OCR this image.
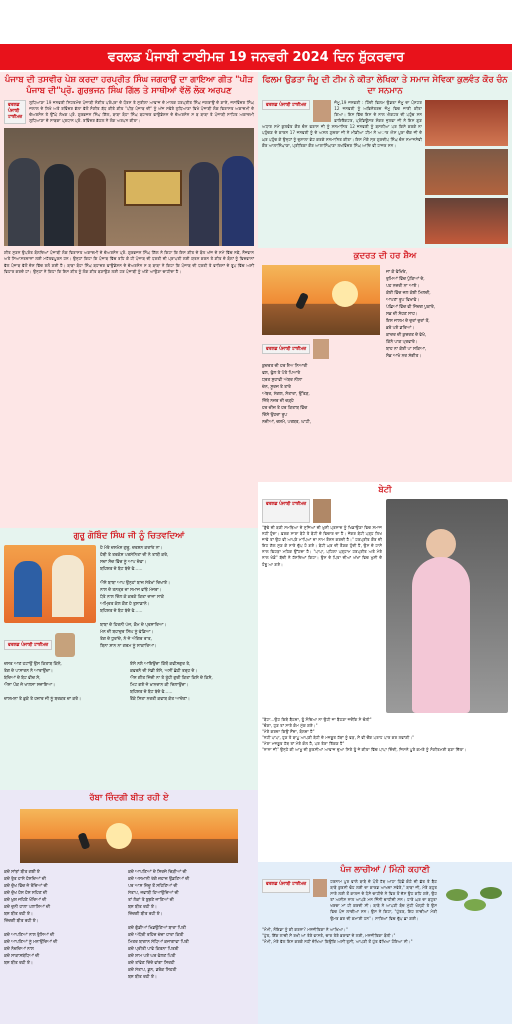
ਵਰਲਡ ਪੰਜਾਬੀ ਟਾਈਮਜ਼ 19 ਜਨਵਰੀ 2024 ਦਿਨ ਸ਼ੁੱਕਰਵਾਰ
ਪੰਜਾਬ ਦੀ ਤਸਵੀਰ ਪੇਸ਼ ਕਰਦਾ ਹਰਪ੍ਰੀਤ ਸਿੰਘ ਜਗਰਾਉਂ ਦਾ ਗਾਇਆ ਗੀਤ "ਪੀੜ ਪੰਜਾਬ ਦੀ"ਪ੍ਰੋ. ਗੁਰਭਜਨ ਸਿੰਘ ਗਿੱਲ ਤੇ ਸਾਥੀਆਂ ਵੱਲੋਂ ਲੋਕ ਅਰਪਣ
ਵਰਲਡ ਪੰਜਾਬੀ ਟਾਈਮਜ਼
ਲੁਧਿਆਣਾ 19 ਜਨਵਰੀ ਸਿਹਤਮੰਦ ਪੰਜਾਬੀ ਸੰਗੀਤ ਪਰੰਪਰਾ ਦੇ ਧੋਰਸ ਤੇ ਸੁਰੀਲਾ ਆਵਾਜ਼ ਦੇ ਮਾਲਕ ਹਰਪ੍ਰੀਤ ਸਿੰਘ ਜਗਰਾਉਂ ਦੇ ਗਾਏ, ਜਸਵਿੰਦਰ ਸਿੰਘ ਜਲਾਲ ਦੇ ਲਿਖੇ ਅਤੇ ਰਵਿੰਦਰ ਭੱਲਾ ਵੱਲੋਂ ਸੰਗੀਤ ਬੱਧ ਕੀਤੇ ਗੀਤ "ਪੀੜ ਪੰਜਾਬ ਦੀ" ਨੂੰ ਅੱਜ ਸਵੇਰੇ ਲੁਧਿਆਣਾ ਵਿਖੇ ਪੰਜਾਬੀ ਲੋਕ ਵਿਰਾਸਤ ਅਕਾਦਮੀ ਦੇ ਚੇਅਰਮੈਨ ਤੇ ਉੱਘੇ ਲੇਖਕ ਪ੍ਰੋ. ਗੁਰਭਜਨ ਸਿੰਘ ਗਿੱਲ, ਬਾਬਾ ਬੋਹਾ ਸਿੰਘ ਬਹਾਦਰ ਫਾਉਂਡੇਸ਼ਨ ਦੇ ਚੇਅਰਮੈਨ ਸ ਬ ਬਾਬਾ ਤੇ ਪੰਜਾਬੀ ਸਾਹਿਤ ਅਕਾਦਮੀ ਲੁਧਿਆਣਾ ਦੇ ਸਾਬਕਾ ਪ੍ਰਧਾਨ ਪ੍ਰੋ. ਰਵਿੰਦਰ ਭੱਠਲ ਨੇ ਲੋਕ ਅਰਪਨ ਕੀਤਾ।
ਗੀਤ ਸੁਣਨ ਉਪਰੰਤ ਬੋਲਦਿਆਂ ਪੰਜਾਬੀ ਲੋਕ ਵਿਰਾਸਤ ਅਕਾਦਮੀ ਦੇ ਚੇਅਰਮੈਨ ਪ੍ਰੋ. ਗੁਰਭਜਨ ਸਿੰਘ ਗਿੱਲ ਨੇ ਕਿਹਾ ਕਿ ਇਸ ਗੀਤ ਦੇ ਬੋਲ ਅੱਜ ਦੇ ਸਮੇਂ ਵਿੱਚ ਨਵੇਂ, ਨੌਜਵਾਨ ਅਤੇ ਸਿਆਸਤਦਾਨਾਂ ਲਈ ਮਹੱਤਵਪੂਰਨ ਹਨ। ਉਨ੍ਹਾਂ ਕਿਹਾ ਕਿ ਪੰਜਾਬ ਵਿੱਚ ਰਹਿ ਕੇ ਹੀ ਪੰਜਾਬ ਦੀ ਧਰਤੀ ਦੀ ਪ੍ਰਾਪਤੀ ਲਈ ਯਤਨ ਕਰਨ ਤੇ ਗੀਤ ਦੇ ਬੋਲਾਂ ਨੂੰ ਵਿਦਵਾਨਾਂ ਵੱਲ ਪੰਜਾਬ ਵੱਲੋਂ ਦੇਸ਼ ਵਿੱਚ ਰਲੋ ਗਈ ਹੈ। ਬਾਬਾ ਬੋਹਾ ਸਿੰਘ ਬਹਾਦਰ ਫਾਉਂਡੇਸ਼ਨ ਦੇ ਚੇਅਰਮੈਨ ਸ ਬ ਬਾਬਾ ਨੇ ਕਿਹਾ ਕਿ ਪੰਜਾਬ ਦੀ ਧਰਤੀ ਤੇ ਵਾਰਿਸਾਂ ਦੇ ਰੂਪ ਵਿੱਚ ਅਸੀਂ ਵਿਹਾਰ ਕਰਦੇ ਹਾਂ। ਉਨ੍ਹਾਂ ਨੇ ਕਿਹਾ ਕਿ ਇਸ ਗੀਤ ਨੂੰ ਲੋਕ ਗੀਤ ਬਣਾਉਣ ਲਈ ਹਰ ਪੰਜਾਬੀ ਨੂੰ ਅੱਗੇ ਆਉਣਾ ਚਾਹੀਦਾ ਹੈ।
ਗੁਰੂ ਗੋਬਿੰਦ ਸਿੰਘ ਜੀ ਨੂੰ ਚਿਤਵਦਿਆਂ
ਵਰਲਡ ਪੰਜਾਬੀ ਟਾਈਮਜ਼
ਹੇ ਮੇਰੇ ਦਸਮੇਸ਼ ਗੁਰੂ, ਦਰਸ਼ਨ ਕਰਾਓ ਨਾ।
ਹੱਥੀ ਤੇ ਤਰਕੋਸ਼ ਪਰਸੰਨਿਤਾ ਦੀ ਨੇ ਤਾਬੀ ਕਰੇ,
ਸਦਾ ਸੱਚ ਵਿੱਚ ਨੂੰ ਆਪ ਦੇਵਾ।
ਬਹਿਸ਼ਤ ਦੇ ਬੋਟ ਬੰਦੇ ਵੇ......

ਐਸੇ ਬਾਬਾ ਆਪ ਉਨ੍ਹਾਂ ਬਾਜ਼ ਸੰਤੋਖਾਂ ਦਿਖਾਏ।
ਨਾਲ ਦੇ ਤਨਤ੍ਰ ਦਾ ਸਮਾਜ ਵਾਂਝੇ ਮੰਜਰਾ।
ਧੋਤੇ ਨਾਲ ਦਿੱਲ ਕੋ ਕਰਕੇ ਕਿਤਾ ਦਾਜਾ ਸਾਕੇ
ਅਮ੍ਰਿਤ ਕੱਲ ਕੌਣ ਹੋ ਤੁਸਾਡਾਨੇ।
ਬਹਿਸ਼ਤ ਦੇ ਬੋਟ ਬੰਦੇ ਵੇ......

ਬਾਬਾ ਦੇ ਹਿਰਨੀ ਪੰਜ, ਕੌਮ ਦੇ ਪ੍ਰਸਾਰਿਆ।
ਮੰਨ ਦੀ ਬਹਾਦੁਰ ਸਿੰਘ ਨੂੰ ਵੰਡਿਆ।
ਤੇਗ ਦੇ ਧੁਰਾਂਦੇ, ਨੇ ਜੋ ਅੱਗਿਰ ਰਾਤ,
ਬਿਨਾ ਸ਼ਾਨ ਨਾ ਗਰਮ ਨੂੰ ਸਾਕਾਰਿਆ।
ਦਸਤ ਆਣ ਹਟਾਉਂ ਉਸ ਕਿਤਾਬ ਕਿੰਨੇ,
ਤੇਗ ਦੇ ਪਾਸਾਰਨ ਨੇ ਆਰਾਉਂਦਾ।
ਬੰਦਿਆਂ ਦੇ ਬੋਟ ਵੀਚ ਸੋ,
ਐਸਾ ਪੋਂਕ ਜੋ ਖਾਲਸਾ ਸਜਾਇਆ।

ਦਾਸ਼ਮਨਾ ਤੇ ਭੁਕੇ ਤੇ ਹਜ਼ਾਰ ਜੀ ਨੂੰ ਬਰਕਤ ਦਾ ਕਰੋ।
ਏਸੋ ਨਲੋ ਆਇਉਂਦਾ ਕਿੱਥੋਂ ਕਵੀਸਗੁਰ ਤੇ,
ਕਵਰਨੇ ਦੀ ਸੰਡੀ ਏਸੇ, ਅਸੀਂ ਛੋਹੀ ਤਰ੍ਹ ਦੇ।
ਐਸ ਗੀਤ ਜਿੰਦੀ ਨਾ ਤੋ ਤੂੰਹੀ ਗੁਰੀ ਕਿਤਾ ਕਿਸੇ ਦੇ ਕਿਸੇ,
ਮਿਟ ਗਏ ਜੋ ਖ਼ਾਨਦਾਨ ਕੀ ਦਿਲਾਉਂਦਾ।
ਬਹਿਸ਼ਤ ਦੇ ਬੋਟ ਬੰਦੇ ਵੇ......
ਤੈਂਕੇ ਸਿਤਾ ਨਰਤੀ ਕਵਾਬ ਕੋਤ ਆਦੇਣਾ।
ਰੱਬਾ ਜ਼ਿੰਦਗੀ ਬੀਤ ਰਹੀ ਏ
ਕਦੇ ਸਾਂਝਾਂ ਬੀਤ ਗਈ ਏ
ਕਦੇ ਰੁੱਤ ਹਾਸੇ ਹੱਸਦਿਆਂ ਦੀ
ਕਦੇ ਦੁੱਖ ਵਿੱਚ ਜੇ ਰੋਂਦਿਆਂ ਦੀ
ਕਦੇ ਦੁੱਖ ਹੱਸ ਹੱਸ ਸਹਿਣ ਦੀ
ਕਦੇ ਖ਼ੁਸ਼ ਜਹਿਣੇ ਖੋਂਦਿਆਂ ਦੀ
ਕਦੇ ਦੁਨੀ ਹਾਲਾ ਪਲਾਸ਼ਿਆਂ ਦੀ
ਬਸ ਬੀਤ ਰਹੀ ਏ।
ਜ਼ਿੰਦਗੀ ਬੀਤ ਰਹੀ ਏ।

ਕਦੇ ਆਪਣਿਆਂ ਨਾਲ ਰੁੱਸਿਆਂ ਦੀ
ਕਦੇ ਆਪਣਿਆਂ ਨੂੰ ਮਨਾਉਂਦਿਆਂ ਦੀ
ਕਦੇ ਨੱਚਦਿਆਂ ਨਾਲ
ਕਦੇ ਸਾਕਾਸਬੰਧਿਆਂ ਦੀ
ਬਸ ਬੀਤ ਰਹੀ ਏ।
ਕਦੇ ਆਪਣਿਆਂ ਦੇ ਸਿਰਜੇ ਚਿੜੀਆਂ ਦੀ
ਕਦੇ ਅਸਮਾਨੀ ਰੰਗੇ ਜ਼ਹਾਜ਼ ਉਡਣਿਆਂ ਦੀ
ਪਰ ਆਸ ਜ਼ਿੰਦੂ ਤੋਂ ਸਹਿਣਿਆਂ ਦੀ
ਸੰਤਾਪ, ਜਵਾਬੀ ਹਿਆਉਦਿਆਂ ਦੀ
ਤਾਂ ਲੋਕਾਂ ਤੇ ਬੁਝਣੇ ਜਾਣਿਆਂ ਦੀ
ਬਸ ਬੀਤ ਰਹੀ ਏ।
ਜ਼ਿੰਦਗੀ ਬੀਤ ਰਹੀ ਏ।

ਕਦੇ ਗੁੱਡੀਆਂ ਖਿਡਉਣਿਆਂ ਬਾਰਾ ਪਿਤੀ
ਕਦੇ ਅੰਧੇਰੀ ਰਹਿੰਦ ਚੰਦਾ ਹਾਰਾ ਕਿਤੀ
ਮਿਤਰ ਬਾਗਾਨ ਸੰਧਿਆਂ ਕਜਾਗਾਵਾ ਪਿਤੀ
ਕਦੇ ਪ੍ਰੀਤੀ ਪਾਵੇ ਕਿਤਨਾ ਪਿਤਰੀ
ਕਦੇ ਸ਼ਾਮ ਪਏ ਘਰ ਵੇਲਣ ਪਿਤੀ
ਕਦੇ ਤਾਂਵੇਣ ਦਿੰਦੇ ਵਾਂਗਾ ਸਿਰਹੀ
ਕਦੇ ਸੰਤਾਪ, ਡੂਨ, ਡਰੱਕ ਸਿਹਤੀ
ਬਸ ਬੀਤ ਰਹੀ ਏ।
ਫਿਲਮ ਉਡਤਾ ਜੰਮੂ ਦੀ ਟੀਮ ਨੇ ਕੀਤਾ ਲੇਖਿਕਾ ਤੇ ਸਮਾਜ ਸੇਵਿਕਾ ਕੁਲਵੰਤ ਕੌਰ ਚੰਨ ਦਾ ਸਨਮਾਨ
ਵਰਲਡ ਪੰਜਾਬੀ ਟਾਈਮਜ਼
ਜੰਮੂ,19 ਜਨਵਰੀ : ਹਿੰਦੀ ਫਿਲਮ ਉਡਤਾ ਜੰਮੂ ਦਾ ਪੋਸਟਰ 12 ਜਨਵਰੀ ਨੂੰ ਅਭਿਨੇਤਰਦ ਜੰਮੂ ਵਿਚ ਜਾਰੀ ਕੀਤਾ ਗਿਆ। ਇਸ ਵਿੱਚ ਇਸ ਦੇ ਨਾਲ ਐਕਟਰ ਦੀ ਪਹੁੰਚ ਸਨ ਫ਼ਾਇਰੈਕਟਰ, ਪ੍ਰੋਡਿਊਸਰ ਸ਼ੰਕਰ ਜ਼ੁਲਫਾ ਜੀ ਨੇ ਇਸ ਗੁਣ ਅਧਾਰ ਸਮੇਂ ਕੁਲਵੰਤ ਕੌਰ ਚੰਨ ਫਰਾਸ ਜੀ ਨੂੰ ਸਨਮਾਨਿਤ 12 ਜਨਵਰੀ ਨੂੰ ਬਸਲੀਆ ਪਰ ਕਿਸੇ ਕਰਕੇ ਨਾ ਪਹੁੰਚਣ ਦੇ ਕਾਰਨ 17 ਜਨਵਰੀ ਨੂੰ ਦੇ ਅਸਲ ਗ਼ੁਦਰਾ ਜੀ ਨੇ ਮੀਡੀਆ ਟੀਮ ਨੇ ਅਾਰ ਐਸ ਪੁਰਾ ਚੌਂਕ ਜੀ ਦੇ ਘਰ ਪਹੁੰਚ ਕੇ ਉਨ੍ਹਾਂ ਨੂੰ ਦੁਸ਼ਾਲਾ ਭੇਟ ਕਰਕੇ ਸਨਮਾਨਿਤ ਕੀਤਾ। ਇਸ ਮੌਕੇ ਸ੍ਰ ਗੁਰਦੀਪ ਸਿੰਘ ਚੰਨ ਸਮਾਜਸੇਵੀ ਕੌਰ ਆਲਾਸਿੰਘਾਣਾ, ਪ੍ਰੀਤਿਕਾ ਕੌਰ ਆਲਾਸਿੰਘਾਣਾ ਲਖਵਿੰਦਰ ਸਿੰਘ ਆਦਿ ਵੀ ਹਾਜ਼ਰ ਸਨ।
ਕੁਦਰਤ ਦੀ ਹਰ ਸ਼ੈਅ
ਵਰਲਡ ਪੰਜਾਬੀ ਟਾਈਮਜ਼
ਕੁਦਰਤ ਦੀ ਹਰ ਸ਼ੈਅ ਨਿਆਰੀ
ਫਲ, ਫੁੱਲ ਤੇ ਪੱਤੇ ਪਿਆਰੇ
ਧਰਤ ਸੁਹਾਵੀ ਅੰਬਰ ਨੀਲਾ
ਚੰਨ, ਸੂਰਜ ਤੇ ਤਾਰੇ
ਅੰਬਰ, ਸੰਗਲ, ਸੋਤਾਰਾ, ਉੱਤੜ,
ਜਿੱਥੇ ਨਜ਼ਰ ਦੀ ਚੜ੍ਹੇ
ਹਰ ਚੀਜ਼ ਤੇ ਹਰ ਕਿਤਾਬ ਵਿੱਚ
ਦਿੱਸੇ ਉਹਦਾ ਰੂਪ
ਨਦੀਆਂ, ਚਸ਼ਮੇ, ਪਰਬਤ, ਘਾਟੀ,
ਜਾ ਕੇ ਵੇਖਿਓ,
ਰੁਮਿਆਂ ਵਿੱਚ ਪੁੱਕਿਆਂ ਦੇ,
ਪਹ ਨਜ਼ਰੀ ਨਾ ਆਏ।
ਕੋਈ ਵਿੱਚ ਜਲ ਕੋਈ ਮਿਲਦੀ,
ਆਪਣਾ ਰੂਪ ਵਿਖਾਵੇ।
ਪੰਛਿਆਂ ਵਿੱਚ ਵੀ ਜਿੰਦਗ ਪੁਕਾਰੇ,
ਸਭ ਦੀ ਸੋਹਣ ਸਾਹ।
ਇਸ ਜਾਲਮ ਦੇ ਦੁਰਾਂ ਦੁਰਾਂ ਤੋਂ,
ਭਰੋ ਪਏ ਡਰਿਆਂ।
ਕਾਦਰ ਦੀ ਕੁਦਰਤ ਦੇ ਵੇਖੋ,
ਕਿੰਨੇ ਪਾਕ ਪ੍ਰਵਾਰੇ।
ਬਾਹ ਨਾ ਕੋਈ ਪਾ ਸਕਿਆ,
ਸੱਭ ਆਖੇ ਨਰ ਸੰਗੀਤ।
ਬੇਟੀ
ਵਰਲਡ ਪੰਜਾਬੀ ਟਾਈਮਜ਼
"ਬੁੱਢੇ ਦੀ ਬਣੀ ਸਮਝਿਆ ਦੇ ਸੁਜਿਆਂ ਦੀ ਖ਼ੁਸ਼ੀ ਪ੍ਰਸਾਦ ਨੂੰ ਖਿਡਾਉਣਾ ਵਿਚ ਸਮਾਜ ਨਹੀਂ ਹੁੰਦਾ। ਫ਼ਰਕ ਸਾਰਾ ਬੇਟੇ ਤੇ ਬੇਟੀ ਦੇ ਵਿਚਾਰ ਦਾ ਹੈ। ਜੇਕਰ ਬੇਟੀ ਪੜ੍ਹ ਲਿਖ ਜਾਵੇ ਤਾਂ ਉਹ ਵੀ ਆਪਣੇ ਮਾਪਿਆਂ ਦਾ ਨਾਮ ਰੌਸ਼ਨ ਕਰਦੀ ਹੈ।" ਹਰਪ੍ਰੀਤ ਕੌਰ ਦੀ ਇਹ ਗੱਲ ਸੁਣ ਕੇ ਸਾਰੇ ਚੁੱਪ ਹੋ ਗਏ। ਬੇਟੀ ਘਰ ਦੀ ਰੌਣਕ ਹੁੰਦੀ ਹੈ, ਉਸ ਦੇ ਹਾਸੇ ਨਾਲ ਵਿਹੜਾ ਮਹਿਕ ਉੱਠਦਾ ਹੈ। "ਪਾਪਾ, ਪਹਿਲਾ ਪੜ੍ਹਾਮ ਹਰਪ੍ਰੀਤ ਅਤੇ ਮੇਰੇ ਨਾਲ ਖੇਡੋ" ਬੱਚੀ ਨੇ ਹੱਸਦਿਆਂ ਕਿਹਾ। ਉਸ ਦੇ ਪਿਤਾ ਦੀਆਂ ਅੱਖਾਂ ਵਿਚ ਖੁਸ਼ੀ ਦੇ ਹੰਝੂ ਆ ਗਏ।
"ਬੇਟਾ...ਉਹ ਕਿਥੇ ਬੈਠਦਾ, ਤੂੰ ਸੋਚਿਆ ਨਾ ਉਹੀ ਜਾ ਬੈਠਣਾ ਜਦੋਂਕਿ ਮੈ ਚੋਲੀ"
"ਚੰਗਾ, ਹੁਣ ਤਾਂ ਸਾਰੇ ਕੰਮ ਮੁੱਕ ਗਏ।"
"ਮੇਰੇ ਕਰਦਾ ਕਿਉਂ ਸੌਂਦਾ, ਬੋਲਦਾ ਹੈ"
"ਨਹੀਂ ਪਾਪਾ, ਹੁਣ ਤੇ ਬਾਪੂ ਆਪਣੀ ਬੇਟੀ ਦੇ ਮਜ਼ਬੂਤ ਹੱਥਾਂ ਨੂੰ ਫੜ, ਮੈਂ ਵੀ ਚੌਂਕ ਪਰਾਹ ਪਾਰ ਕਰ ਲਵਾਂਗੀ।"
"ਮੇਰਾ ਮਜ਼ਬੂਤ ਹੱਥ ਤਾਂ ਮੇਰੇ ਕੋਲ ਹੈ, ਪਰ ਤੇਰਾ ਤਿੱਕਣ ਹੈ"
"ਨਾਨਾ ਜੀ" ਉਨ੍ਹੇ ਕੀ ਆਖੂ ਦੀ ਕੁਰਸੀਆਂ ਆਵਾਜ਼ ਦੁਆ ਸਿਰੇ ਤੂੰ ਜੇ ਕੀਤਾ ਵਿੱਚ ਪਾਪਾ ਦਿੰਦੀ, ਜਿਸਨੇ ਪੂਰੇ ਕਮਰੇ ਨੂੰ ਸੰਗੀਤਮਈ ਬਣਾ ਦਿੱਤਾ।
ਪੰਜ ਲਾਚੀਆਂ / ਮਿੰਨੀ ਕਹਾਣੀ
ਵਰਲਡ ਪੰਜਾਬੀ ਟਾਈਮਜ਼
ਹਰਨਾਮ ਪੁਰ ਵਾਲੇ ਬਾਬੇ ਦੇ ਪੋਤੋਂ ਹੱਥ ਆਹਾ ਪਿੱਛੋਂ ਕੋਠੇ ਦੀ ਛੱਤ ਤੇ ਬੈਠ ਬਾਬੇ ਕੁਰਸੀ ਢੋਹ ਲਈ ਦਾ ਕਾਰਡ ਆਖਦਾ ਸਵੇਰੇ," ਬਾਬਾ ਜੀ, ਮੇਰੇ ਬਹੁਤ ਸਾਰੇ ਲਈ ਤੋਂ ਕਾਲਜ ਦੇ ਪੈਸੇ ਚਾਹੀਦੇ ਨੇ ਫਿਰ ਤੋਂ ਦੱਸ ਉਹ ਕਹਿ ਗਏ, ਉਹ ਤਾਂ ਅਸ਼ੀਸ਼ ਨਾਲ ਆਪਣੇ ਮਨ ਜਿੰਨੀ ਚਾਹੀਦੀ ਸਨ। ਹਾਰੇ ਘਰ ਦਾ ਬਹੁਤਾ ਖਰਚਾ ਮਾਂ ਹੀ ਕਰਦੀ ਸੀ। ਬਾਬੇ ਨੇ ਆਪਣੀ ਬੰਦ ਮੁੱਠੀ ਖੋਲ੍ਹੀ ਤੇ ਉਸ ਵਿਚ ਪੰਜ ਲਾਚੀਆਂ ਸਨ। ਉਸ ਨੇ ਕਿਹਾ, "ਪੁੱਤਰ, ਇਹ ਲਾਚੀਆਂ ਮੇਰੀ ਉਮਰ ਭਰ ਦੀ ਕਮਾਈ ਹਨ"। ਸਾਰਿਆਂ ਵਿਚ ਚੁੱਪ ਛਾ ਗਈ।
"ਮੰਮੀ, ਨੋਇਡਾ ਨੂੰ ਕੀ ਕਰਨਾ? ਮਨਜੀਤਿਕਾ ਨੇ ਆਖਿਆ।"
"ਪੁੱਤ, ਇੱਕ ਲਾਚੀ ਮੈਂ ਰਖੀ ਆਂ ਤੇਰੇ ਵਾਸਤੇ, ਚਾਰ ਤੇਰੇ ਭਰਾਵਾਂ ਦੇ ਲਈ, ਮਨਜੀਤਿਕਾ ਬੋਲੀ।"
"ਮੰਮੀ, ਮੇਰੇ ਵੱਲ ਇਸ ਕਰਕੇ ਨਹੀਂ ਦੇਖਿਆ ਕਿਉਂਕਿ ਅਸੀਂ ਤੁਸੀਂ, ਆਪਣੀ ਤੋਂ ਪੁੱਤ ਵੱਖਿਆ ਹੋਇਆ ਸੀ।"
